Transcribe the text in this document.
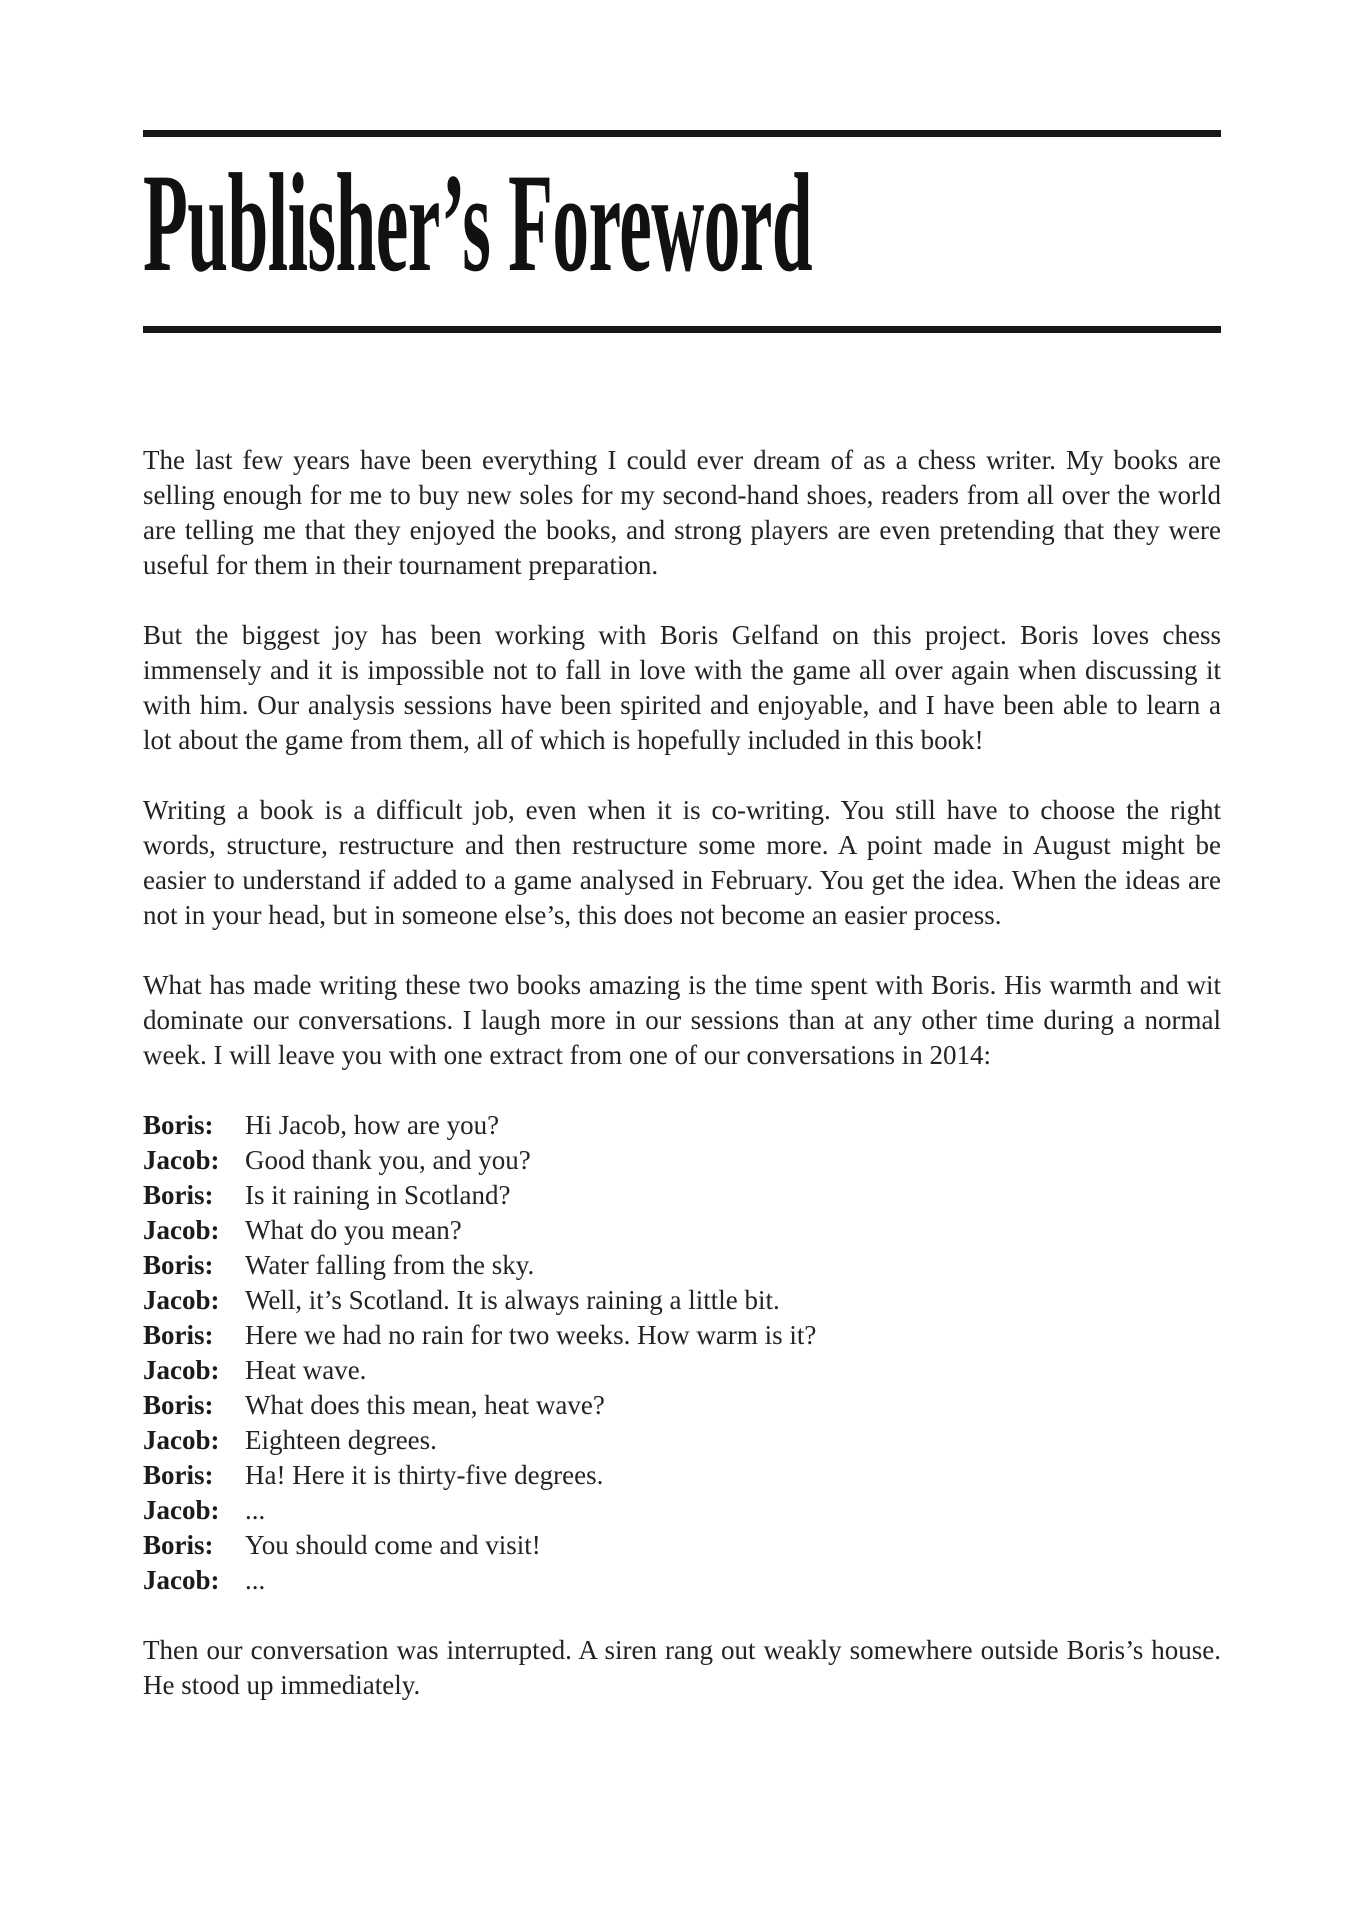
Publisher’s Foreword

The last few years have been everything I could ever dream of as a chess writer. My books are selling enough for me to buy new soles for my second-hand shoes, readers from all over the world are telling me that they enjoyed the books, and strong players are even pretending that they were useful for them in their tournament preparation.

But the biggest joy has been working with Boris Gelfand on this project. Boris loves chess immensely and it is impossible not to fall in love with the game all over again when discussing it with him. Our analysis sessions have been spirited and enjoyable, and I have been able to learn a lot about the game from them, all of which is hopefully included in this book!

Writing a book is a difficult job, even when it is co-writing. You still have to choose the right words, structure, restructure and then restructure some more. A point made in August might be easier to understand if added to a game analysed in February. You get the idea. When the ideas are not in your head, but in someone else’s, this does not become an easier process.

What has made writing these two books amazing is the time spent with Boris. His warmth and wit dominate our conversations. I laugh more in our sessions than at any other time during a normal week. I will leave you with one extract from one of our conversations in 2014:

Boris:	Hi Jacob, how are you?
Jacob: Good thank you, and you?
Boris:	Is it raining in Scotland?
Jacob: What do you mean?
Boris:	Water falling from the sky.
Jacob: Well, it’s Scotland. It is always raining a little bit.
Boris:	Here we had no rain for two weeks. How warm is it?
Jacob: Heat wave.
Boris:	What does this mean, heat wave?
Jacob: Eighteen degrees.
Boris:	Ha! Here it is thirty-five degrees.
Jacob: ...
Boris:	You should come and visit!
Jacob: ...

Then our conversation was interrupted. A siren rang out weakly somewhere outside Boris’s house. He stood up immediately.
